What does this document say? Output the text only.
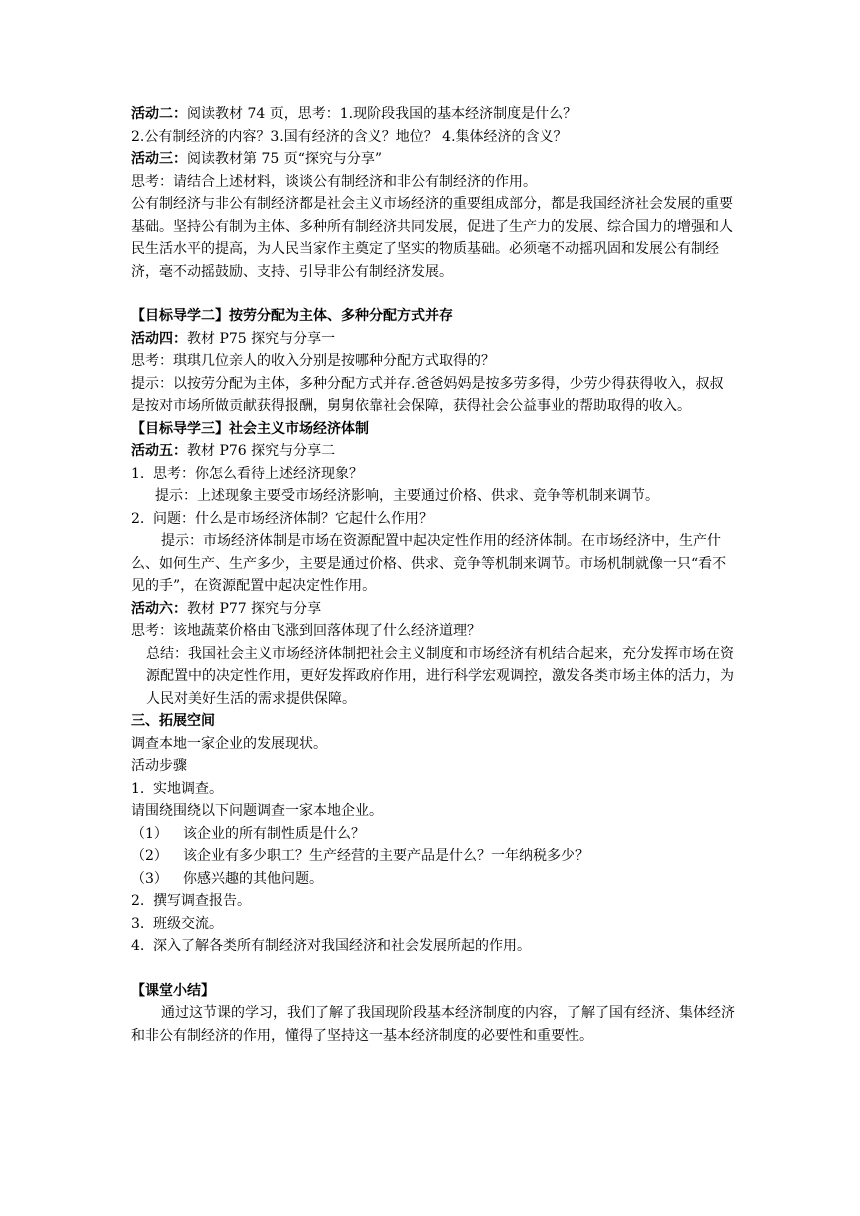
活动二：阅读教材 74 页，思考：1.现阶段我国的基本经济制度是什么？

2.公有制经济的内容？3.国有经济的含义？地位？ 4.集体经济的含义？

活动三：阅读教材第 75 页“探究与分享”

思考：请结合上述材料，谈谈公有制经济和非公有制经济的作用。

公有制经济与非公有制经济都是社会主义市场经济的重要组成部分，都是我国经济社会发展的重要基础。坚持公有制为主体、多种所有制经济共同发展，促进了生产力的发展、综合国力的增强和人民生活水平的提高，为人民当家作主奠定了坚实的物质基础。必须毫不动摇巩固和发展公有制经济，毫不动摇鼓励、支持、引导非公有制经济发展。

【目标导学二】按劳分配为主体、多种分配方式并存

活动四：教材 P75 探究与分享一

思考：琪琪几位亲人的收入分别是按哪种分配方式取得的？

提示：以按劳分配为主体，多种分配方式并存.爸爸妈妈是按多劳多得，少劳少得获得收入，叔叔是按对市场所做贡献获得报酬，舅舅依靠社会保障，获得社会公益事业的帮助取得的收入。

【目标导学三】社会主义市场经济体制

活动五：教材 P76 探究与分享二

1. 思考：你怎么看待上述经济现象？

提示：上述现象主要受市场经济影响，主要通过价格、供求、竞争等机制来调节。

2. 问题：什么是市场经济体制？它起什么作用？

提示：市场经济体制是市场在资源配置中起决定性作用的经济体制。在市场经济中，生产什么、如何生产、生产多少，主要是通过价格、供求、竞争等机制来调节。市场机制就像一只“看不见的手”，在资源配置中起决定性作用。

活动六：教材 P77 探究与分享

思考：该地蔬菜价格由飞涨到回落体现了什么经济道理？

总结：我国社会主义市场经济体制把社会主义制度和市场经济有机结合起来，充分发挥市场在资源配置中的决定性作用，更好发挥政府作用，进行科学宏观调控，激发各类市场主体的活力，为人民对美好生活的需求提供保障。

三、拓展空间

调查本地一家企业的发展现状。

活动步骤

1. 实地调查。

请围绕围绕以下问题调查一家本地企业。

（1） 该企业的所有制性质是什么？

（2） 该企业有多少职工？生产经营的主要产品是什么？一年纳税多少？

（3） 你感兴趣的其他问题。

2. 撰写调查报告。

3. 班级交流。

4. 深入了解各类所有制经济对我国经济和社会发展所起的作用。

【课堂小结】

通过这节课的学习，我们了解了我国现阶段基本经济制度的内容，了解了国有经济、集体经济和非公有制经济的作用，懂得了坚持这一基本经济制度的必要性和重要性。
